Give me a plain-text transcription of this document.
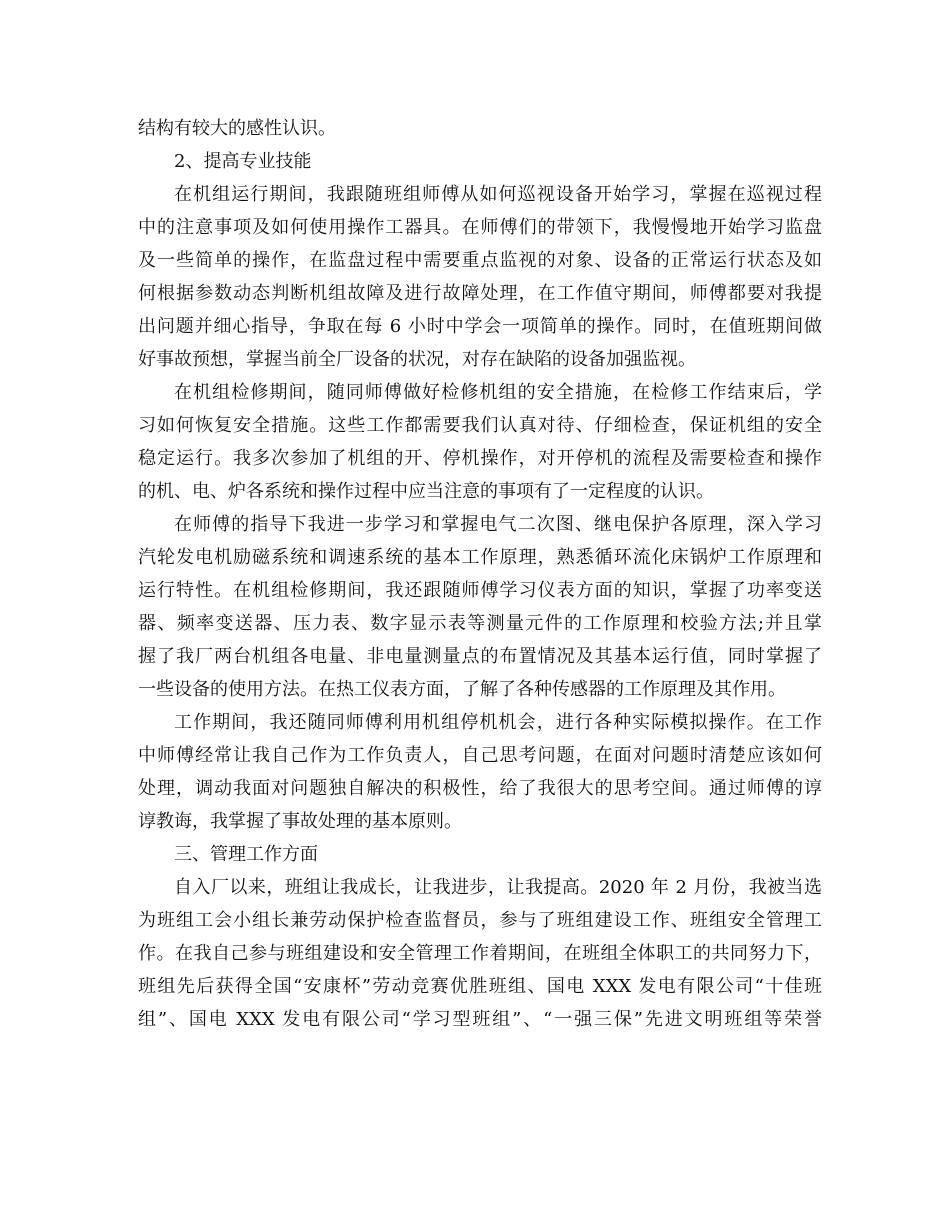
结构有较大的感性认识。
2、提高专业技能
在机组运行期间，我跟随班组师傅从如何巡视设备开始学习，掌握在巡视过程
中的注意事项及如何使用操作工器具。在师傅们的带领下，我慢慢地开始学习监盘
及一些简单的操作，在监盘过程中需要重点监视的对象、设备的正常运行状态及如
何根据参数动态判断机组故障及进行故障处理，在工作值守期间，师傅都要对我提
出问题并细心指导，争取在每 6 小时中学会一项简单的操作。同时，在值班期间做
好事故预想，掌握当前全厂设备的状况，对存在缺陷的设备加强监视。
在机组检修期间，随同师傅做好检修机组的安全措施，在检修工作结束后，学
习如何恢复安全措施。这些工作都需要我们认真对待、仔细检查，保证机组的安全
稳定运行。我多次参加了机组的开、停机操作，对开停机的流程及需要检查和操作
的机、电、炉各系统和操作过程中应当注意的事项有了一定程度的认识。
在师傅的指导下我进一步学习和掌握电气二次图、继电保护各原理，深入学习
汽轮发电机励磁系统和调速系统的基本工作原理，熟悉循环流化床锅炉工作原理和
运行特性。在机组检修期间，我还跟随师傅学习仪表方面的知识，掌握了功率变送
器、频率变送器、压力表、数字显示表等测量元件的工作原理和校验方法;并且掌
握了我厂两台机组各电量、非电量测量点的布置情况及其基本运行值，同时掌握了
一些设备的使用方法。在热工仪表方面，了解了各种传感器的工作原理及其作用。
工作期间，我还随同师傅利用机组停机机会，进行各种实际模拟操作。在工作
中师傅经常让我自己作为工作负责人，自己思考问题，在面对问题时清楚应该如何
处理，调动我面对问题独自解决的积极性，给了我很大的思考空间。通过师傅的谆
谆教诲，我掌握了事故处理的基本原则。
三、管理工作方面
自入厂以来，班组让我成长，让我进步，让我提高。2020 年 2 月份，我被当选
为班组工会小组长兼劳动保护检查监督员，参与了班组建设工作、班组安全管理工
作。在我自己参与班组建设和安全管理工作着期间，在班组全体职工的共同努力下，
班组先后获得全国“安康杯”劳动竞赛优胜班组、国电 XXX 发电有限公司“十佳班
组”、国电 XXX 发电有限公司“学习型班组”、“一强三保”先进文明班组等荣誉
